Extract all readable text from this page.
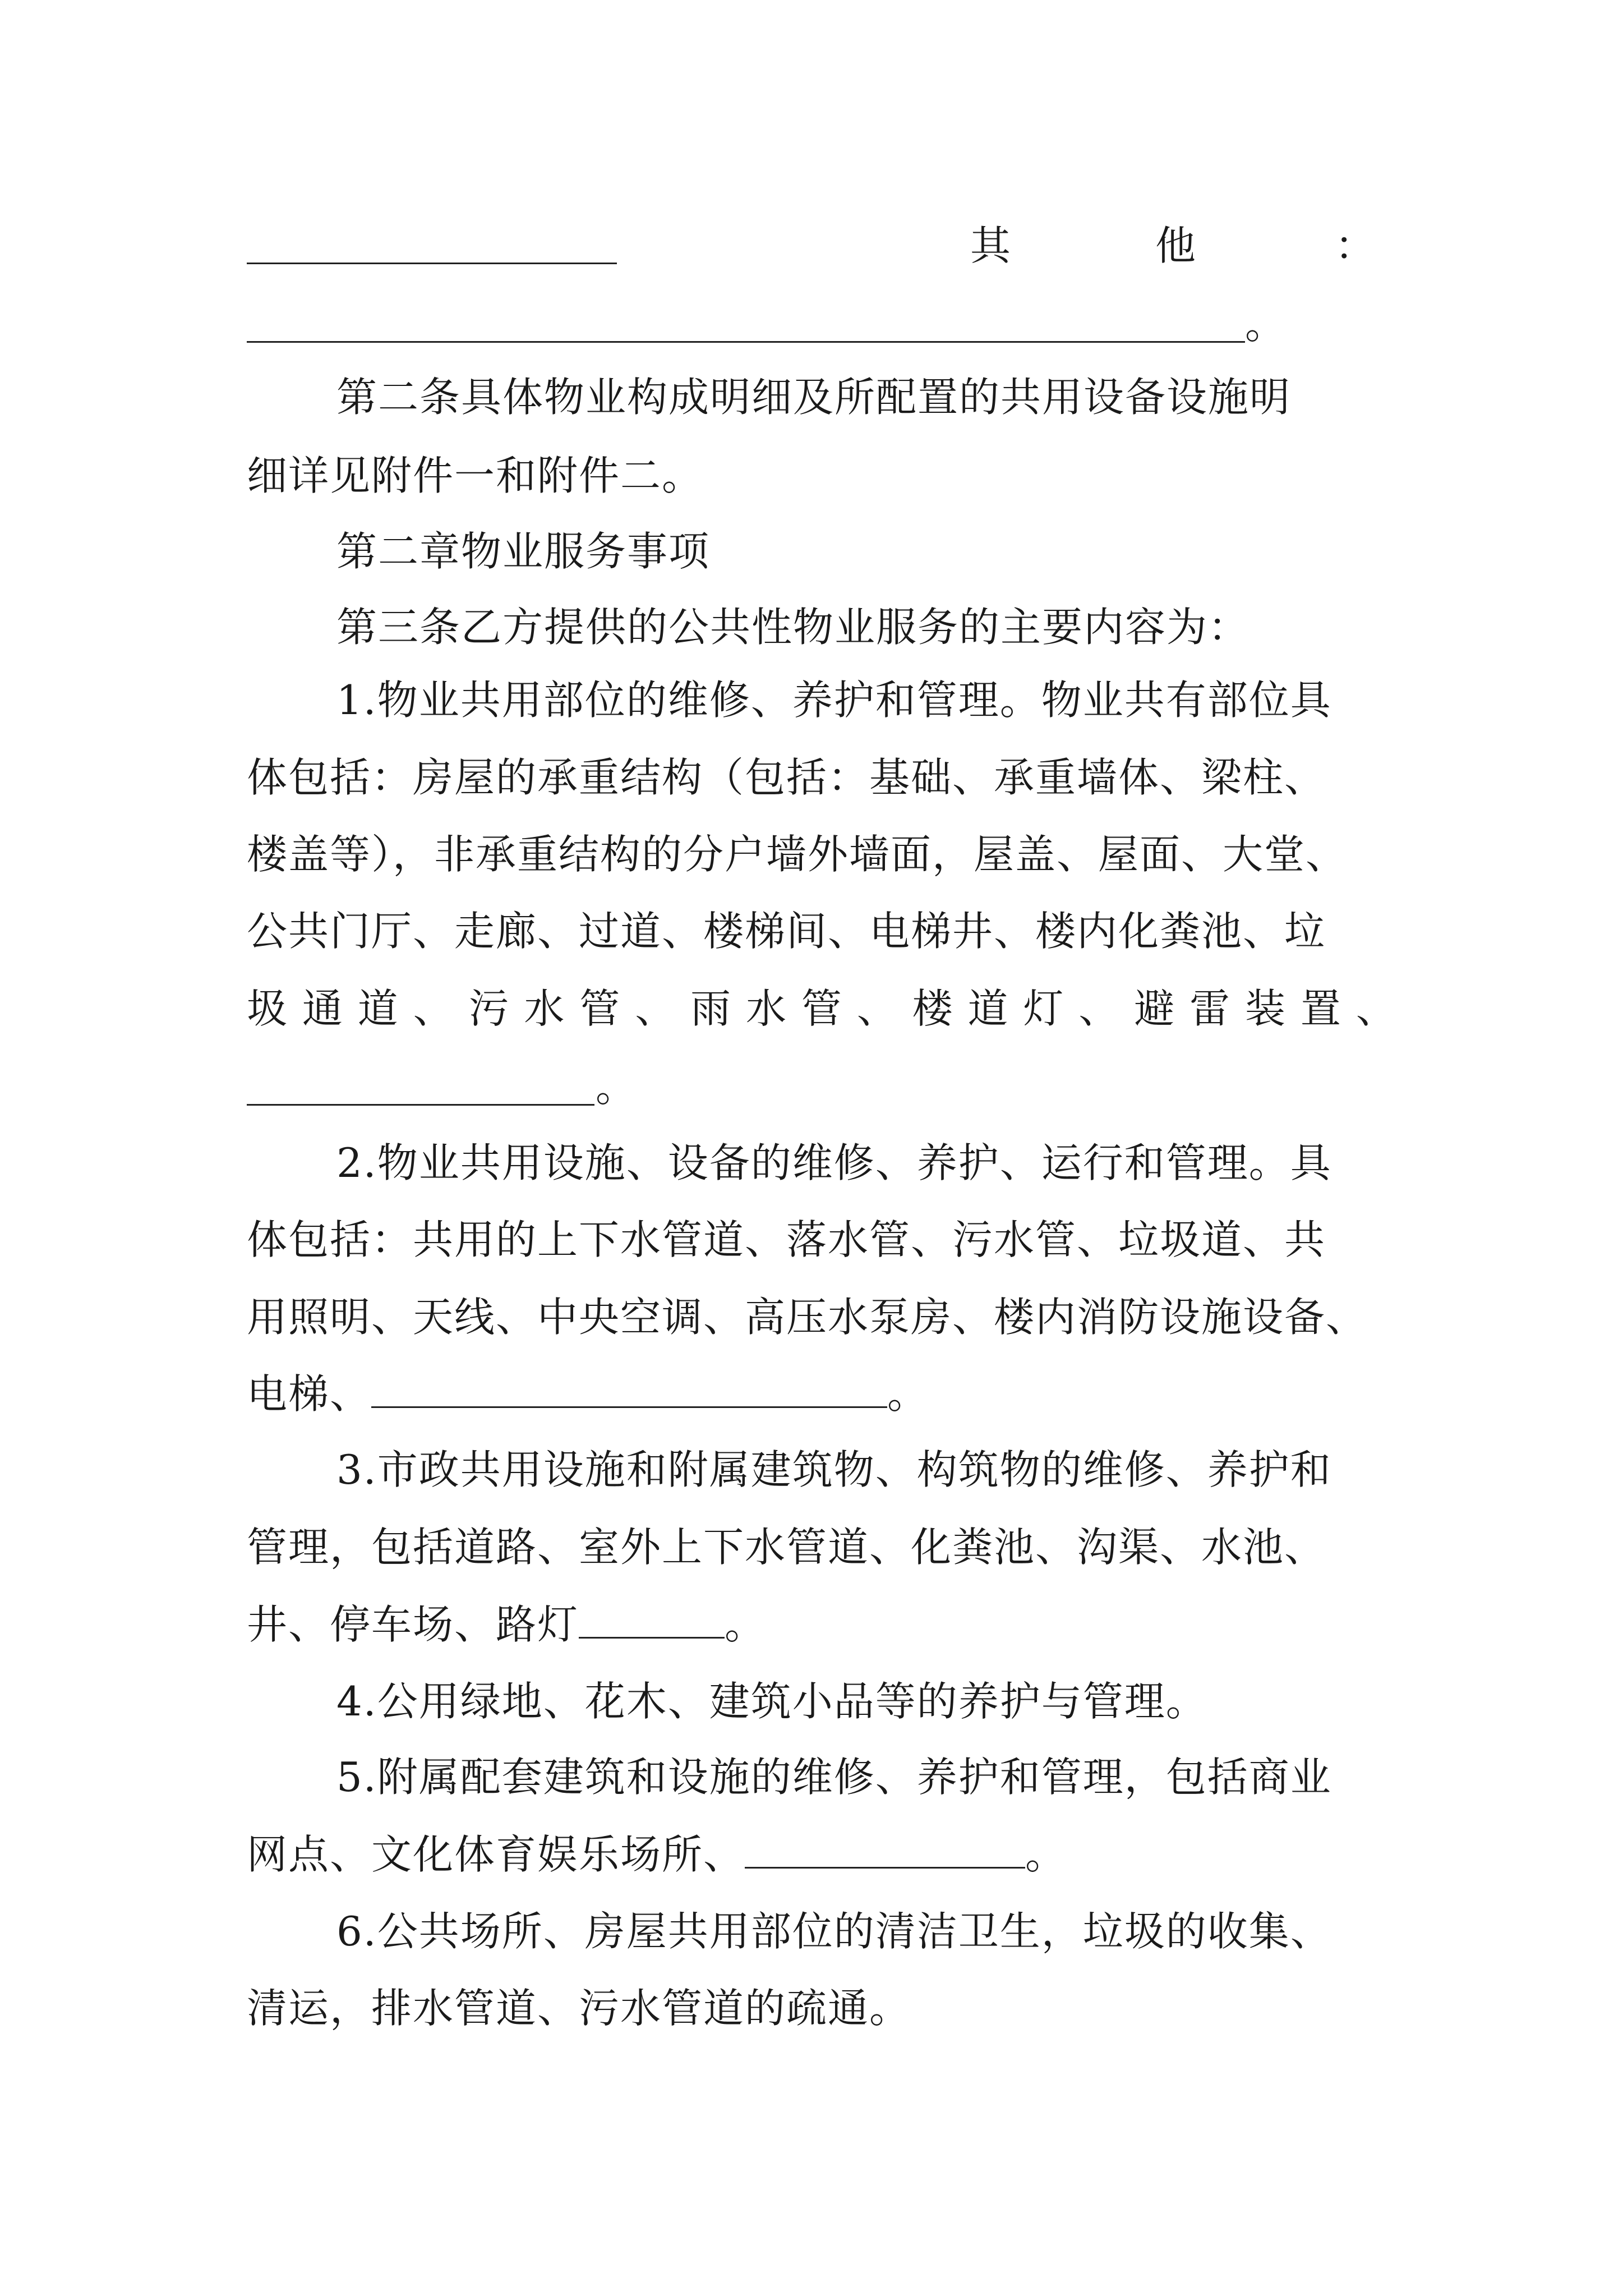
其	他	：
。
第二条具体物业构成明细及所配置的共用设备设施明
细详见附件一和附件二。
第二章物业服务事项
第三条乙方提供的公共性物业服务的主要内容为：
1.物业共用部位的维修、养护和管理。物业共有部位具
体包括：房屋的承重结构（包括：基础、承重墙体、梁柱、
楼盖等），非承重结构的分户墙外墙面，屋盖、屋面、大堂、
公共门厅、走廊、过道、楼梯间、电梯井、楼内化粪池、垃
圾 通 道 、 污 水 管 、 雨 水 管 、 楼 道 灯 、 避 雷 装 置 、
。
2.物业共用设施、设备的维修、养护、运行和管理。具
体包括：共用的上下水管道、落水管、污水管、垃圾道、共
用照明、天线、中央空调、高压水泵房、楼内消防设施设备、
电梯、	。
3.市政共用设施和附属建筑物、构筑物的维修、养护和
管理，包括道路、室外上下水管道、化粪池、沟渠、水池、
井、停车场、路灯	。
4.公用绿地、花木、建筑小品等的养护与管理。
5.附属配套建筑和设施的维修、养护和管理，包括商业
网点、文化体育娱乐场所、	。
6.公共场所、房屋共用部位的清洁卫生，垃圾的收集、
清运，排水管道、污水管道的疏通。
